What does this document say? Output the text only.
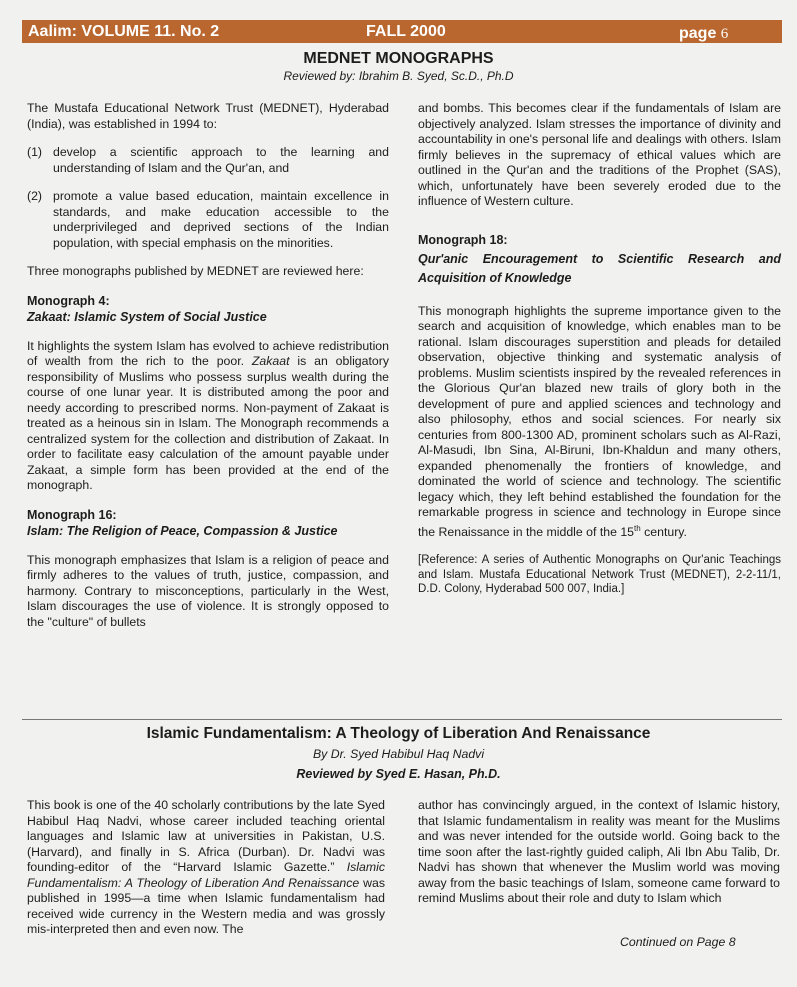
Aalim: VOLUME 11. No. 2	FALL 2000	page 6
MEDNET MONOGRAPHS
Reviewed by: Ibrahim B. Syed, Sc.D., Ph.D

The Mustafa Educational Network Trust (MEDNET), Hyderabad (India), was established in 1994 to:

(1) develop a scientific approach to the learning and understanding of Islam and the Qur'an, and
(2) promote a value based education, maintain excellence in standards, and make education accessible to the underprivileged and deprived sections of the Indian population, with special emphasis on the minorities.

Three monographs published by MEDNET are reviewed here:

Monograph 4:
Zakaat: Islamic System of Social Justice

It highlights the system Islam has evolved to achieve redistribution of wealth from the rich to the poor. Zakaat is an obligatory responsibility of Muslims who possess surplus wealth during the course of one lunar year. It is distributed among the poor and needy according to prescribed norms. Non-payment of Zakaat is treated as a heinous sin in Islam. The Monograph recommends a centralized system for the collection and distribution of Zakaat. In order to facilitate easy calculation of the amount payable under Zakaat, a simple form has been provided at the end of the monograph.

Monograph 16:
Islam: The Religion of Peace, Compassion & Justice

This monograph emphasizes that Islam is a religion of peace and firmly adheres to the values of truth, justice, compassion, and harmony. Contrary to misconceptions, particularly in the West, Islam discourages the use of violence. It is strongly opposed to the "culture" of bullets

and bombs. This becomes clear if the fundamentals of Islam are objectively analyzed. Islam stresses the importance of divinity and accountability in one's personal life and dealings with others. Islam firmly believes in the supremacy of ethical values which are outlined in the Qur'an and the traditions of the Prophet (SAS), which, unfortunately have been severely eroded due to the influence of Western culture.

Monograph 18:
Qur'anic Encouragement to Scientific Research and Acquisition of Knowledge

This monograph highlights the supreme importance given to the search and acquisition of knowledge, which enables man to be rational. Islam discourages superstition and pleads for detailed observation, objective thinking and systematic analysis of problems. Muslim scientists inspired by the revealed references in the Glorious Qur'an blazed new trails of glory both in the development of pure and applied sciences and technology and also philosophy, ethos and social sciences. For nearly six centuries from 800-1300 AD, prominent scholars such as Al-Razi, Al-Masudi, Ibn Sina, Al-Biruni, Ibn-Khaldun and many others, expanded phenomenally the frontiers of knowledge, and dominated the world of science and technology. The scientific legacy which, they left behind established the foundation for the remarkable progress in science and technology in Europe since the Renaissance in the middle of the 15th century.

[Reference: A series of Authentic Monographs on Qur'anic Teachings and Islam. Mustafa Educational Network Trust (MEDNET), 2-2-11/1, D.D. Colony, Hyderabad 500 007, India.]

Islamic Fundamentalism: A Theology of Liberation And Renaissance
By Dr. Syed Habibul Haq Nadvi
Reviewed by Syed E. Hasan, Ph.D.

This book is one of the 40 scholarly contributions by the late Syed Habibul Haq Nadvi, whose career included teaching oriental languages and Islamic law at universities in Pakistan, U.S. (Harvard), and finally in S. Africa (Durban). Dr. Nadvi was founding-editor of the “Harvard Islamic Gazette.” Islamic Fundamentalism: A Theology of Liberation And Renaissance was published in 1995—a time when Islamic fundamentalism had received wide currency in the Western media and was grossly mis-interpreted then and even now. The

author has convincingly argued, in the context of Islamic history, that Islamic fundamentalism in reality was meant for the Muslims and was never intended for the outside world. Going back to the time soon after the last-rightly guided caliph, Ali Ibn Abu Talib, Dr. Nadvi has shown that whenever the Muslim world was moving away from the basic teachings of Islam, someone came forward to remind Muslims about their role and duty to Islam which

Continued on Page 8
